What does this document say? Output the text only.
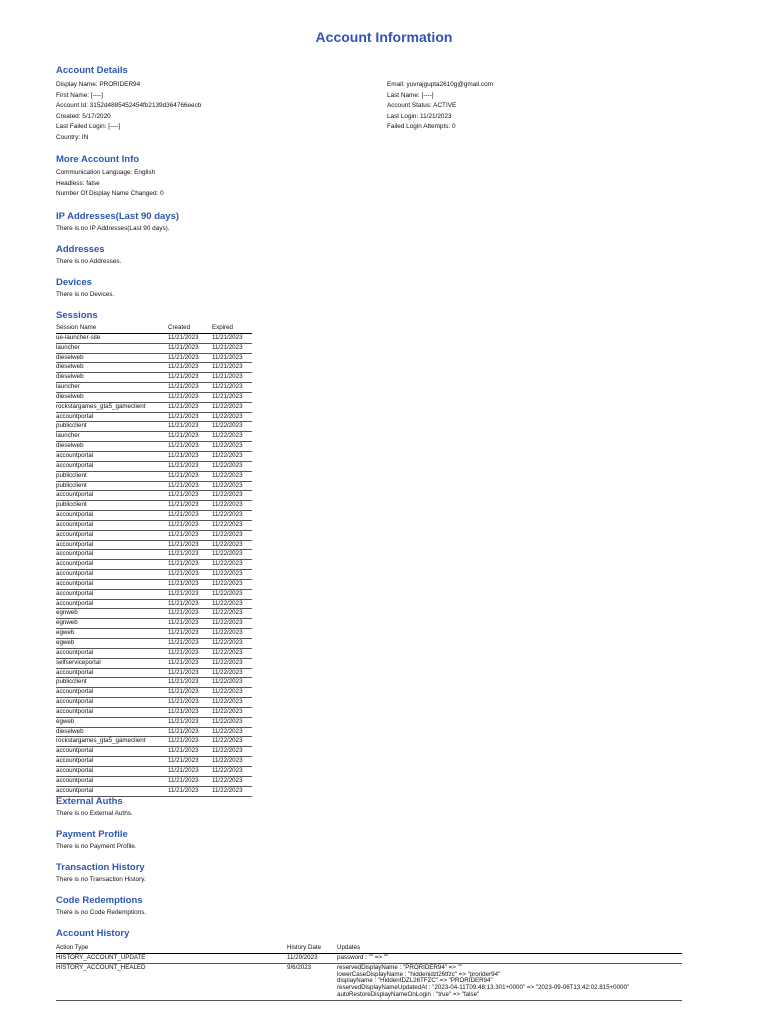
Account Information
Account Details
Display Name: PRORIDER94
First Name: [----]
Account Id: 3152d4885452454fb2139d364766eecb
Created: 5/17/2020
Last Failed Login: [----]
Country: IN
Email: yuvrajgupta2610g@gmail.com
Last Name: [----]
Account Status: ACTIVE
Last Login: 11/21/2023
Failed Login Attempts: 0
More Account Info
Communication Language: English
Headless: false
Number Of Display Name Changed: 0
IP Addresses(Last 90 days)
There is no IP Addresses(Last 90 days).
Addresses
There is no Addresses.
Devices
There is no Devices.
Sessions
Session Name	Created	Expired
ue-launcher-site	11/21/2023	11/21/2023
launcher	11/21/2023	11/21/2023
dieselweb	11/21/2023	11/21/2023
dieselweb	11/21/2023	11/21/2023
dieselweb	11/21/2023	11/21/2023
launcher	11/21/2023	11/21/2023
dieselweb	11/21/2023	11/21/2023
rockstargames_gta5_gameclient	11/21/2023	11/22/2023
accountportal	11/21/2023	11/22/2023
publicclient	11/21/2023	11/22/2023
launcher	11/21/2023	11/22/2023
dieselweb	11/21/2023	11/22/2023
accountportal	11/21/2023	11/22/2023
accountportal	11/21/2023	11/22/2023
publicclient	11/21/2023	11/22/2023
publicclient	11/21/2023	11/22/2023
accountportal	11/21/2023	11/22/2023
publicclient	11/21/2023	11/22/2023
accountportal	11/21/2023	11/22/2023
accountportal	11/21/2023	11/22/2023
accountportal	11/21/2023	11/22/2023
accountportal	11/21/2023	11/22/2023
accountportal	11/21/2023	11/22/2023
accountportal	11/21/2023	11/22/2023
accountportal	11/21/2023	11/22/2023
accountportal	11/21/2023	11/22/2023
accountportal	11/21/2023	11/22/2023
accountportal	11/21/2023	11/22/2023
egnweb	11/21/2023	11/22/2023
egnweb	11/21/2023	11/22/2023
egweb	11/21/2023	11/22/2023
egweb	11/21/2023	11/22/2023
accountportal	11/21/2023	11/22/2023
selfserviceportal	11/21/2023	11/22/2023
accountportal	11/21/2023	11/22/2023
publicclient	11/21/2023	11/22/2023
accountportal	11/21/2023	11/22/2023
accountportal	11/21/2023	11/22/2023
accountportal	11/21/2023	11/22/2023
egweb	11/21/2023	11/22/2023
dieselweb	11/21/2023	11/22/2023
rockstargames_gta5_gameclient	11/21/2023	11/22/2023
accountportal	11/21/2023	11/22/2023
accountportal	11/21/2023	11/22/2023
accountportal	11/21/2023	11/22/2023
accountportal	11/21/2023	11/22/2023
accountportal	11/21/2023	11/22/2023
External Auths
There is no External Auths.
Payment Profile
There is no Payment Profile.
Transaction History
There is no Transaction History.
Code Redemptions
There is no Code Redemptions.
Account History
Action Type	History Date	Updates
HISTORY_ACCOUNT_UPDATE	11/20/2023	password : "" => ""
HISTORY_ACCOUNT_HEALED	9/6/2023	reservedDisplayName : "PRORIDER94" => ""
lowerCaseDisplayName : "hiddenidzl26tfzc" => "prorider94"
displayName : "HiddenIDZL26TFZC" => "PRORIDER94"
reservedDisplayNameUpdatedAt : "2023-04-11T09:48:13.301+0000" => "2023-09-06T13:42:02.815+0000"
autoRestoreDisplayNameOnLogin : "true" => "false"
